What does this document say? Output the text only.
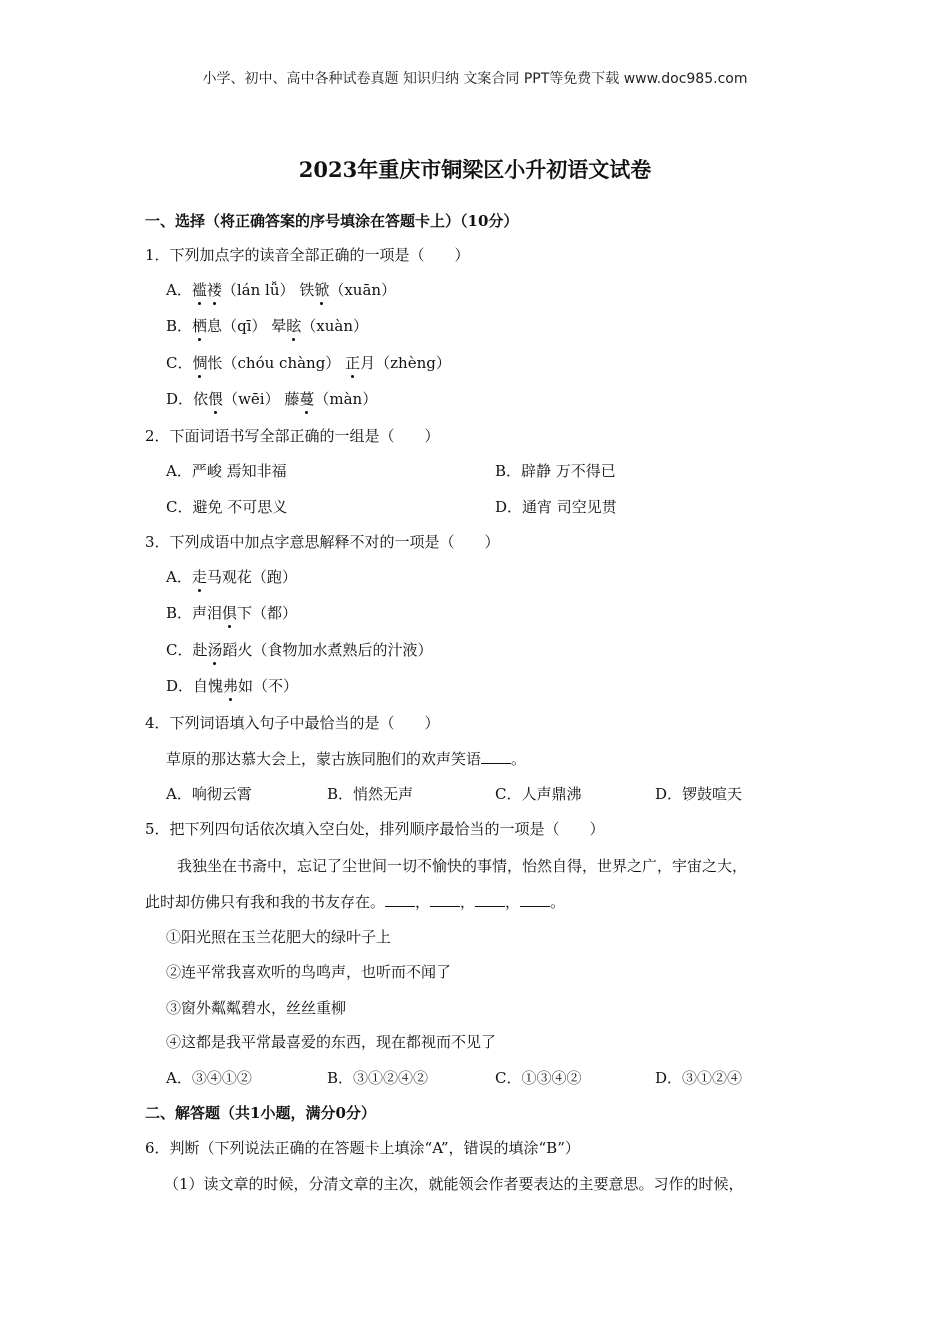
小学、初中、高中各种试卷真题 知识归纳 文案合同 PPT等免费下载 www.doc985.com
2023年重庆市铜梁区小升初语文试卷
一、选择（将正确答案的序号填涂在答题卡上）（10分）
1．下列加点字的读音全部正确的一项是（　　）
A．褴褛（lán lǚ） 铁锨（xuān）
B．栖息（qī） 晕眩（xuàn）
C．惆怅（chóu chàng） 正月（zhèng）
D．依偎（wēi） 藤蔓（màn）
2．下面词语书写全部正确的一组是（　　）
A．严峻 焉知非福	B．辟静 万不得已
C．避免 不可思义	D．通宵 司空见贯
3．下列成语中加点字意思解释不对的一项是（　　）
A．走马观花（跑）
B．声泪俱下（都）
C．赴汤蹈火（食物加水煮熟后的汁液）
D．自愧弗如（不）
4．下列词语填入句子中最恰当的是（　　）
草原的那达慕大会上，蒙古族同胞们的欢声笑语 。
A．响彻云霄	B．悄然无声	C．人声鼎沸	D．锣鼓喧天
5．把下列四句话依次填入空白处，排列顺序最恰当的一项是（　　）
我独坐在书斋中，忘记了尘世间一切不愉快的事情，怡然自得，世界之广，宇宙之大，
此时却仿佛只有我和我的书友存在。 ， ， ， 。
①阳光照在玉兰花肥大的绿叶子上
②连平常我喜欢听的鸟鸣声，也听而不闻了
③窗外粼粼碧水，丝丝重柳
④这都是我平常最喜爱的东西，现在都视而不见了
A．③④①②	B．③①②④②	C．①③④②	D．③①②④
二、解答题（共1小题，满分0分）
6．判断（下列说法正确的在答题卡上填涂“A”，错误的填涂“B”）
（1）读文章的时候，分清文章的主次，就能领会作者要表达的主要意思。习作的时候，
